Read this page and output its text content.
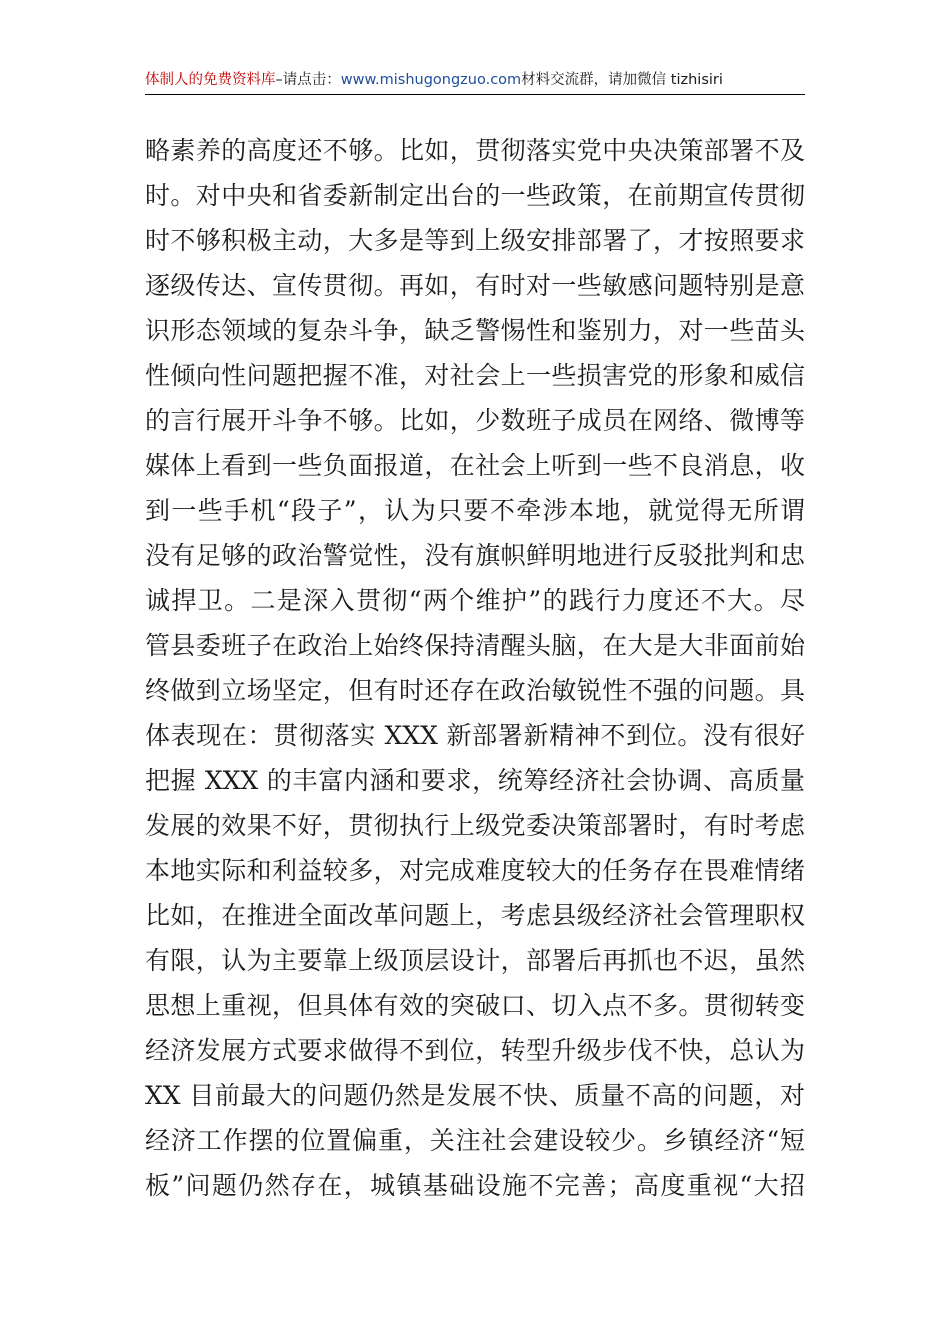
体制人的免费资料库–请点击：www.mishugongzuo.com材料交流群，请加微信 tizhisiri
略素养的高度还不够。比如，贯彻落实党中央决策部署不及
时。对中央和省委新制定出台的一些政策，在前期宣传贯彻
时不够积极主动，大多是等到上级安排部署了，才按照要求
逐级传达、宣传贯彻。再如，有时对一些敏感问题特别是意
识形态领域的复杂斗争，缺乏警惕性和鉴别力，对一些苗头
性倾向性问题把握不准，对社会上一些损害党的形象和威信
的言行展开斗争不够。比如，少数班子成员在网络、微博等
媒体上看到一些负面报道，在社会上听到一些不良消息，收
到一些手机“段子”，认为只要不牵涉本地，就觉得无所谓
没有足够的政治警觉性，没有旗帜鲜明地进行反驳批判和忠
诚捍卫。二是深入贯彻“两个维护”的践行力度还不大。尽
管县委班子在政治上始终保持清醒头脑，在大是大非面前始
终做到立场坚定，但有时还存在政治敏锐性不强的问题。具
体表现在：贯彻落实 XXX 新部署新精神不到位。没有很好
把握 XXX 的丰富内涵和要求，统筹经济社会协调、高质量
发展的效果不好，贯彻执行上级党委决策部署时，有时考虑
本地实际和利益较多，对完成难度较大的任务存在畏难情绪
比如，在推进全面改革问题上，考虑县级经济社会管理职权
有限，认为主要靠上级顶层设计，部署后再抓也不迟，虽然
思想上重视，但具体有效的突破口、切入点不多。贯彻转变
经济发展方式要求做得不到位，转型升级步伐不快，总认为
XX 目前最大的问题仍然是发展不快、质量不高的问题，对
经济工作摆的位置偏重，关注社会建设较少。乡镇经济“短
板”问题仍然存在，城镇基础设施不完善；高度重视“大招
